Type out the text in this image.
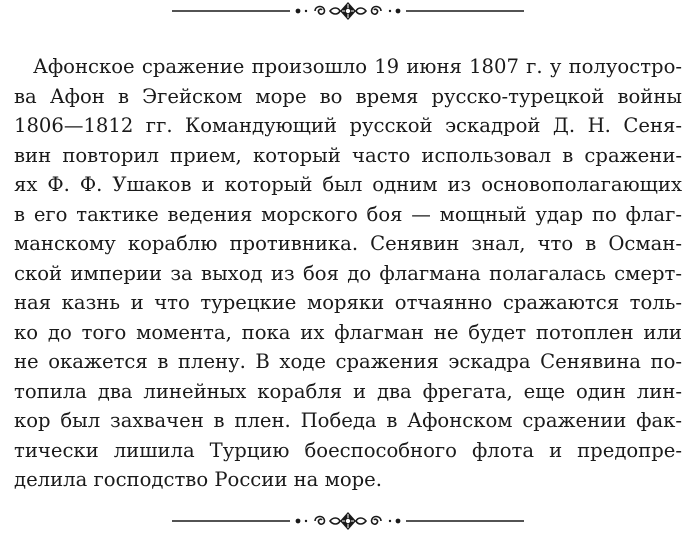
Афонское сражение произошло 19 июня 1807 г. у полуостро-
ва Афон в Эгейском море во время русско-турецкой войны
1806—1812 гг. Командующий русской эскадрой Д. Н. Сеня-
вин повторил прием, который часто использовал в сражени-
ях Ф. Ф. Ушаков и который был одним из основополагающих
в его тактике ведения морского боя — мощный удар по флаг-
манскому кораблю противника. Сенявин знал, что в Осман-
ской империи за выход из боя до флагмана полагалась смерт-
ная казнь и что турецкие моряки отчаянно сражаются толь-
ко до того момента, пока их флагман не будет потоплен или
не окажется в плену. В ходе сражения эскадра Сенявина по-
топила два линейных корабля и два фрегата, еще один лин-
кор был захвачен в плен. Победа в Афонском сражении фак-
тически лишила Турцию боеспособного флота и предопре-
делила господство России на море.
